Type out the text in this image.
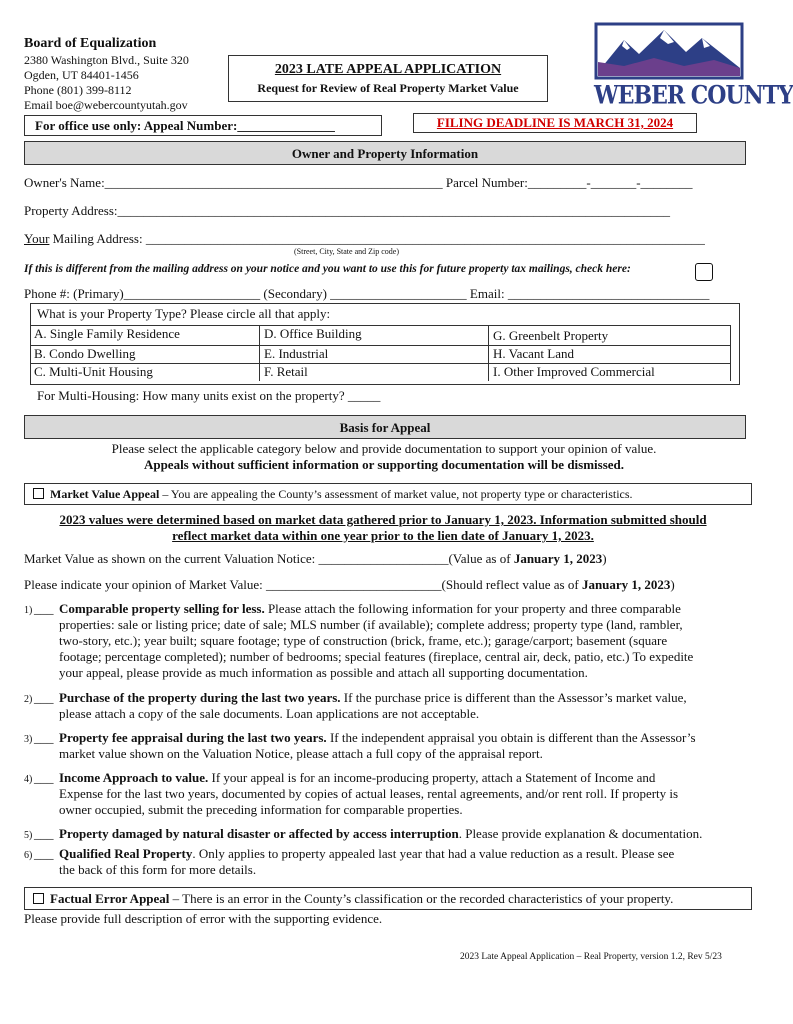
Board of Equalization
2380 Washington Blvd., Suite 320
Ogden, UT 84401-1456
Phone (801) 399-8112
Email boe@webercountyutah.gov
2023 LATE APPEAL APPLICATION
Request for Review of Real Property Market Value	WEBER COUNTY
For office use only: Appeal Number:_______________	FILING DEADLINE IS MARCH 31, 2024
Owner and Property Information
Owner's Name:____________________________________________________ Parcel Number:_________-_______-________
Property Address:_____________________________________________________________________________________
Your Mailing Address: ______________________________________________________________________________________
(Street, City, State and Zip code)
If this is different from the mailing address on your notice and you want to use this for future property tax mailings, check here:
Phone #: (Primary)_____________________ (Secondary) _____________________ Email: _______________________________
What is your Property Type? Please circle all that apply:
A. Single Family Residence	D. Office Building	G. Greenbelt Property
B. Condo Dwelling	E. Industrial	H. Vacant Land
C. Multi-Unit Housing	F. Retail	I. Other Improved Commercial
For Multi-Housing: How many units exist on the property? _____
Basis for Appeal
Please select the applicable category below and provide documentation to support your opinion of value.
Appeals without sufficient information or supporting documentation will be dismissed.
Market Value Appeal – You are appealing the County’s assessment of market value, not property type or characteristics.
2023 values were determined based on market data gathered prior to January 1, 2023. Information submitted should
reflect market data within one year prior to the lien date of January 1, 2023.
Market Value as shown on the current Valuation Notice: ____________________(Value as of January 1, 2023)
Please indicate your opinion of Market Value: ___________________________(Should reflect value as of January 1, 2023)
1) ___ Comparable property selling for less. Please attach the following information for your property and three comparable
properties: sale or listing price; date of sale; MLS number (if available); complete address; property type (land, rambler,
two-story, etc.); year built; square footage; type of construction (brick, frame, etc.); garage/carport; basement (square
footage; percentage completed); number of bedrooms; special features (fireplace, central air, deck, patio, etc.) To expedite
your appeal, please provide as much information as possible and attach all supporting documentation.
2) ___ Purchase of the property during the last two years. If the purchase price is different than the Assessor’s market value,
please attach a copy of the sale documents. Loan applications are not acceptable.
3) ___ Property fee appraisal during the last two years. If the independent appraisal you obtain is different than the Assessor’s
market value shown on the Valuation Notice, please attach a full copy of the appraisal report.
4) ___ Income Approach to value. If your appeal is for an income-producing property, attach a Statement of Income and
Expense for the last two years, documented by copies of actual leases, rental agreements, and/or rent roll. If property is
owner occupied, submit the preceding information for comparable properties.
5) ___ Property damaged by natural disaster or affected by access interruption. Please provide explanation & documentation.
6) ___ Qualified Real Property. Only applies to property appealed last year that had a value reduction as a result. Please see
the back of this form for more details.
Factual Error Appeal – There is an error in the County’s classification or the recorded characteristics of your property.
Please provide full description of error with the supporting evidence.
2023 Late Appeal Application – Real Property, version 1.2, Rev 5/23
